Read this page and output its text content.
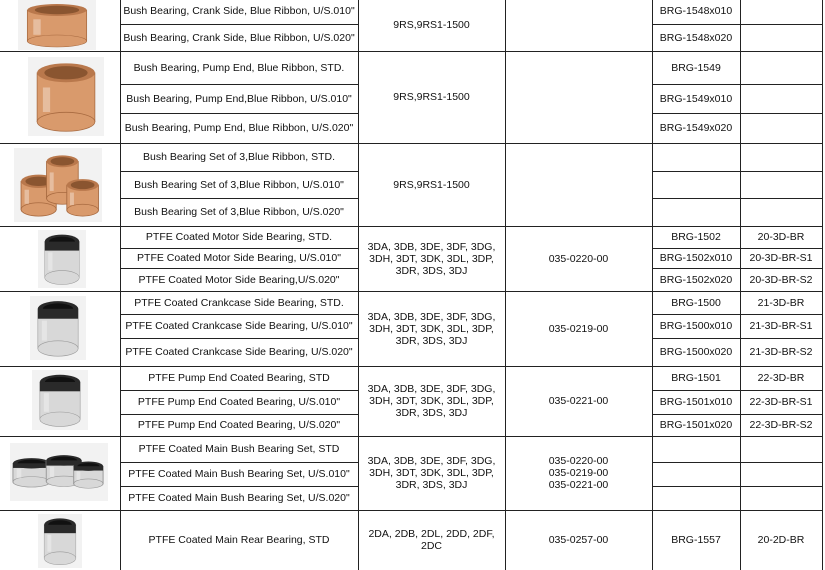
Bush Bearing, Crank Side, Blue Ribbon, U/S.010"	BRG-1548x010
Bush Bearing, Crank Side, Blue Ribbon, U/S.020"	BRG-1548x020
9RS,9RS1-1500
Bush Bearing, Pump End, Blue Ribbon, STD.	BRG-1549
Bush Bearing, Pump End,Blue Ribbon, U/S.010"	BRG-1549x010
Bush Bearing, Pump End, Blue Ribbon, U/S.020"	BRG-1549x020
9RS,9RS1-1500
Bush Bearing Set of 3,Blue Ribbon, STD.
Bush Bearing Set of 3,Blue Ribbon, U/S.010"
Bush Bearing Set of 3,Blue Ribbon, U/S.020"
9RS,9RS1-1500
PTFE Coated Motor Side Bearing, STD.	BRG-1502	20-3D-BR
PTFE Coated Motor Side Bearing, U/S.010"	BRG-1502x010	20-3D-BR-S1
PTFE Coated Motor Side Bearing,U/S.020"	BRG-1502x020	20-3D-BR-S2
3DA, 3DB, 3DE, 3DF, 3DG, 3DH, 3DT, 3DK, 3DL, 3DP, 3DR, 3DS, 3DJ
035-0220-00
PTFE Coated Crankcase Side Bearing, STD.	BRG-1500	21-3D-BR
PTFE Coated Crankcase Side Bearing, U/S.010"	BRG-1500x010	21-3D-BR-S1
PTFE Coated Crankcase Side Bearing, U/S.020"	BRG-1500x020	21-3D-BR-S2
3DA, 3DB, 3DE, 3DF, 3DG, 3DH, 3DT, 3DK, 3DL, 3DP, 3DR, 3DS, 3DJ
035-0219-00
PTFE Pump End Coated Bearing, STD	BRG-1501	22-3D-BR
PTFE Pump End Coated Bearing, U/S.010"	BRG-1501x010	22-3D-BR-S1
PTFE Pump End Coated Bearing, U/S.020"	BRG-1501x020	22-3D-BR-S2
3DA, 3DB, 3DE, 3DF, 3DG, 3DH, 3DT, 3DK, 3DL, 3DP, 3DR, 3DS, 3DJ
035-0221-00
PTFE Coated Main Bush Bearing Set, STD
PTFE Coated Main Bush Bearing Set, U/S.010"
PTFE Coated Main Bush Bearing Set, U/S.020"
3DA, 3DB, 3DE, 3DF, 3DG, 3DH, 3DT, 3DK, 3DL, 3DP, 3DR, 3DS, 3DJ
035-0220-00
035-0219-00
035-0221-00
PTFE Coated Main Rear Bearing, STD	BRG-1557	20-2D-BR
2DA, 2DB, 2DL, 2DD, 2DF, 2DC	035-0257-00
